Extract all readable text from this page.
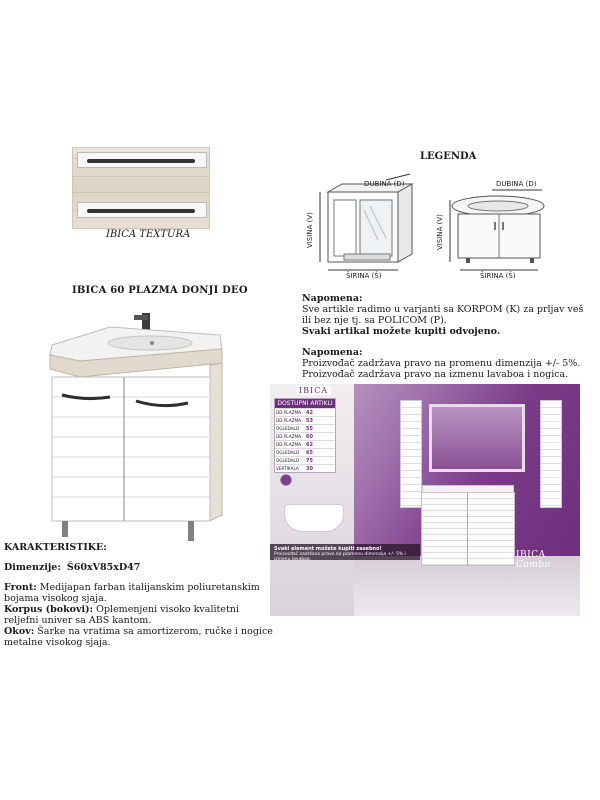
IBICA TEXTURA
IBICA 60 PLAZMA DONJI DEO
LEGENDA
DUBINA (D)
VISINA (V)
ŠIRINA (Š)
DUBINA (D)
VISINA (V)
ŠIRINA (Š)
Napomena:
Sve artikle radimo u varjanti sa KORPOM (K) za prljav veš ili bez nje tj. sa POLICOM (P).
Svaki artikal možete kupiti odvojeno.
Napomena:
Proizvođač zadržava pravo na promenu dimenzija +/- 5%.
Proizvođač zadržava pravo na izmenu lavaboa i nogica.
IBICA
DOSTUPNI ARTIKLI
DD PLAZMA	42
DD PLAZMA	53
OGLEDALO	55
DD PLAZMA	60
DD PLAZMA	62
OGLEDALO	65
OGLEDALO	75
VERTIKALA	30
Svaki element možete kupiti zasebno!
Proizvođač zadržava pravo na promenu dimenzija +/- 5% i izmenu lavaboa.	IBICA Combo
KARAKTERISTIKE:
Dimenzije: Š60xV85xD47
Front: Medijapan farban italijanskim poliuretanskim bojama visokog sjaja.
Korpus (bokovi): Oplemenjeni visoko kvalitetni reljefni univer sa ABS kantom.
Okov: Šarke na vratima sa amortizerom, ručke i nogice metalne visokog sjaja.
